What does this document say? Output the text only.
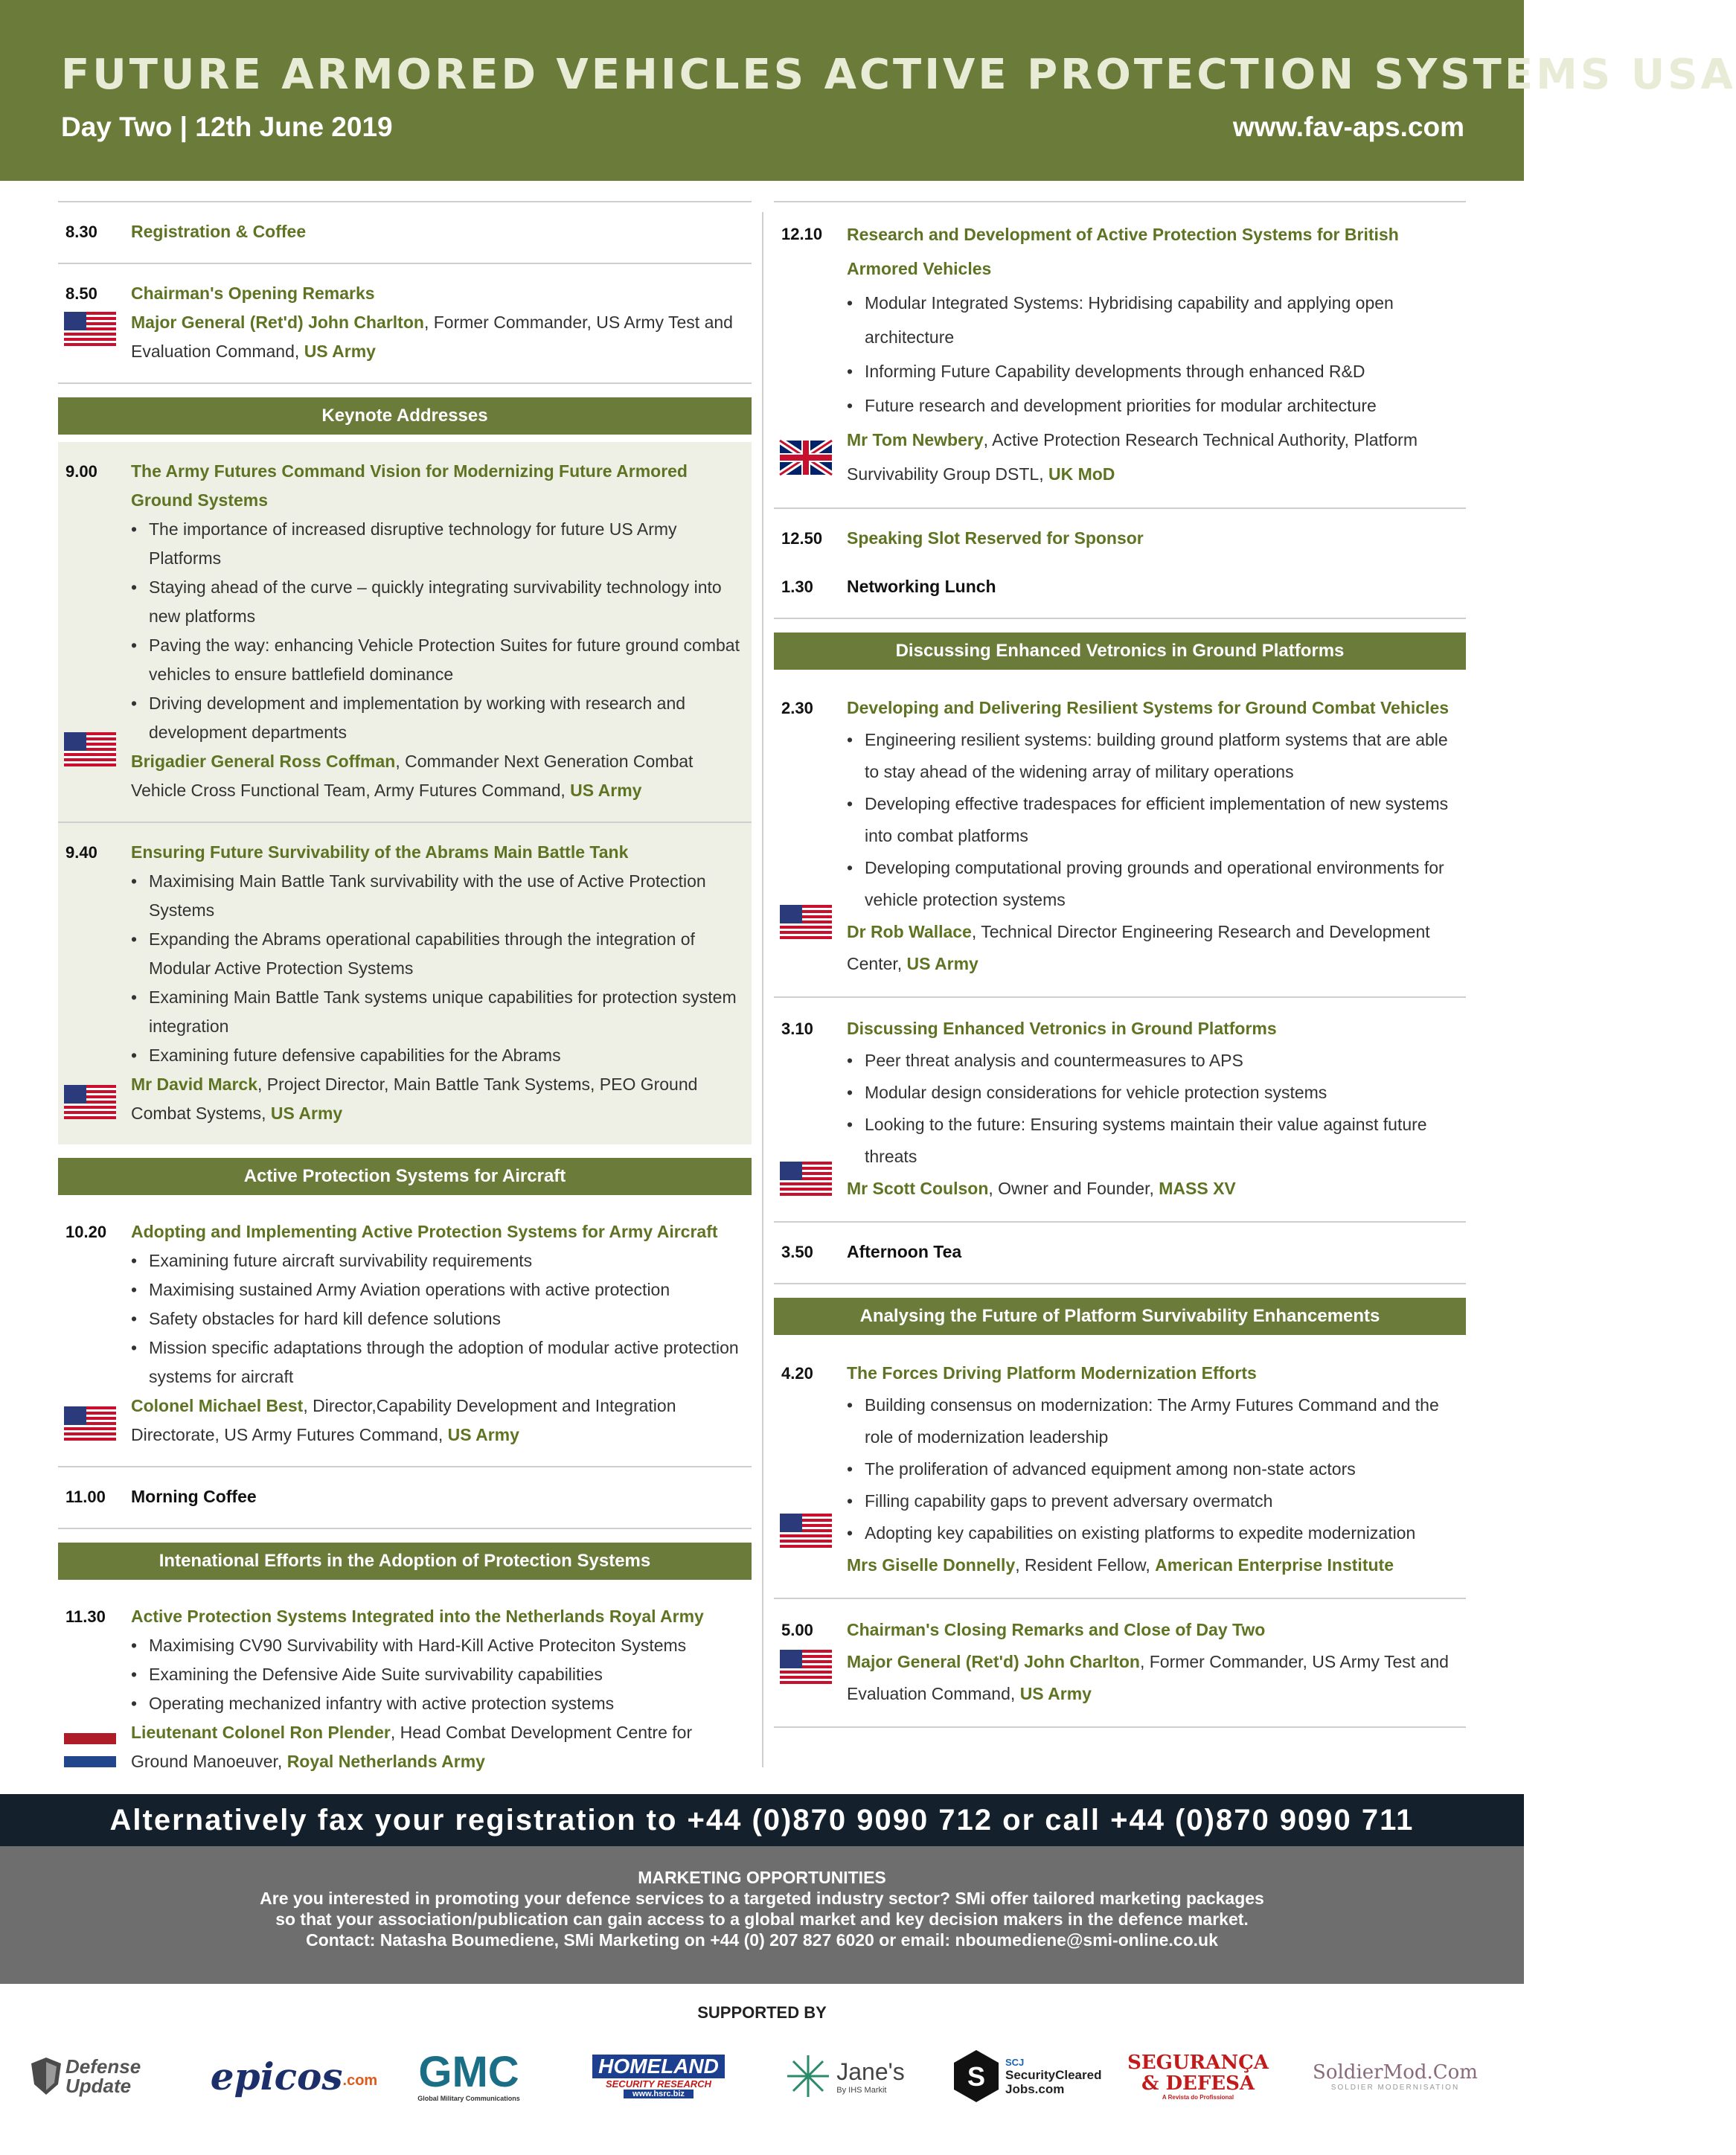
FUTURE ARMORED VEHICLES ACTIVE PROTECTION SYSTEMS USA
Day Two | 12th June 2019	www.fav-aps.com
8.30 Registration & Coffee
8.50 Chairman's Opening Remarks
Major General (Ret'd) John Charlton, Former Commander, US Army Test and Evaluation Command, US Army
Keynote Addresses
9.00 The Army Futures Command Vision for Modernizing Future Armored Ground Systems
• The importance of increased disruptive technology for future US Army Platforms
• Staying ahead of the curve – quickly integrating survivability technology into new platforms
• Paving the way: enhancing Vehicle Protection Suites for future ground combat vehicles to ensure battlefield dominance
• Driving development and implementation by working with research and development departments
Brigadier General Ross Coffman, Commander Next Generation Combat Vehicle Cross Functional Team, Army Futures Command, US Army
9.40 Ensuring Future Survivability of the Abrams Main Battle Tank
• Maximising Main Battle Tank survivability with the use of Active Protection Systems
• Expanding the Abrams operational capabilities through the integration of Modular Active Protection Systems
• Examining Main Battle Tank systems unique capabilities for protection system integration
• Examining future defensive capabilities for the Abrams
Mr David Marck, Project Director, Main Battle Tank Systems, PEO Ground Combat Systems, US Army
Active Protection Systems for Aircraft
10.20 Adopting and Implementing Active Protection Systems for Army Aircraft
• Examining future aircraft survivability requirements
• Maximising sustained Army Aviation operations with active protection
• Safety obstacles for hard kill defence solutions
• Mission specific adaptations through the adoption of modular active protection systems for aircraft
Colonel Michael Best, Director,Capability Development and Integration Directorate, US Army Futures Command, US Army
11.00 Morning Coffee
Intenational Efforts in the Adoption of Protection Systems
11.30 Active Protection Systems Integrated into the Netherlands Royal Army
• Maximising CV90 Survivability with Hard-Kill Active Proteciton Systems
• Examining the Defensive Aide Suite survivability capabilities
• Operating mechanized infantry with active protection systems
Lieutenant Colonel Ron Plender, Head Combat Development Centre for Ground Manoeuver, Royal Netherlands Army
12.10 Research and Development of Active Protection Systems for British Armored Vehicles
• Modular Integrated Systems: Hybridising capability and applying open architecture
• Informing Future Capability developments through enhanced R&D
• Future research and development priorities for modular architecture
Mr Tom Newbery, Active Protection Research Technical Authority, Platform Survivability Group DSTL, UK MoD
12.50 Speaking Slot Reserved for Sponsor
1.30 Networking Lunch
Discussing Enhanced Vetronics in Ground Platforms
2.30 Developing and Delivering Resilient Systems for Ground Combat Vehicles
• Engineering resilient systems: building ground platform systems that are able to stay ahead of the widening array of military operations
• Developing effective tradespaces for efficient implementation of new systems into combat platforms
• Developing computational proving grounds and operational environments for vehicle protection systems
Dr Rob Wallace, Technical Director Engineering Research and Development Center, US Army
3.10 Discussing Enhanced Vetronics in Ground Platforms
• Peer threat analysis and countermeasures to APS
• Modular design considerations for vehicle protection systems
• Looking to the future: Ensuring systems maintain their value against future threats
Mr Scott Coulson, Owner and Founder, MASS XV
3.50 Afternoon Tea
Analysing the Future of Platform Survivability Enhancements
4.20 The Forces Driving Platform Modernization Efforts
• Building consensus on modernization: The Army Futures Command and the role of modernization leadership
• The proliferation of advanced equipment among non-state actors
• Filling capability gaps to prevent adversary overmatch
• Adopting key capabilities on existing platforms to expedite modernization
Mrs Giselle Donnelly, Resident Fellow, American Enterprise Institute
5.00 Chairman's Closing Remarks and Close of Day Two
Major General (Ret'd) John Charlton, Former Commander, US Army Test and Evaluation Command, US Army
Alternatively fax your registration to +44 (0)870 9090 712 or call +44 (0)870 9090 711
MARKETING OPPORTUNITIES
Are you interested in promoting your defence services to a targeted industry sector? SMi offer tailored marketing packages
so that your association/publication can gain access to a global market and key decision makers in the defence market.
Contact: Natasha Boumediene, SMi Marketing on +44 (0) 207 827 6020 or email: nboumediene@smi-online.co.uk
SUPPORTED BY
Defense Update	epicos .com GMC
Global Military Communications
HOMELAND
SECURITY RESEARCH
www.hsrc.biz
Jane's
By IHS Markit	S SCJ
SecurityCleared Jobs.com
SEGURANÇA & DEFESA
A Revista do Profissional
SoldierMod.Com
SOLDIER MODERNISATION
